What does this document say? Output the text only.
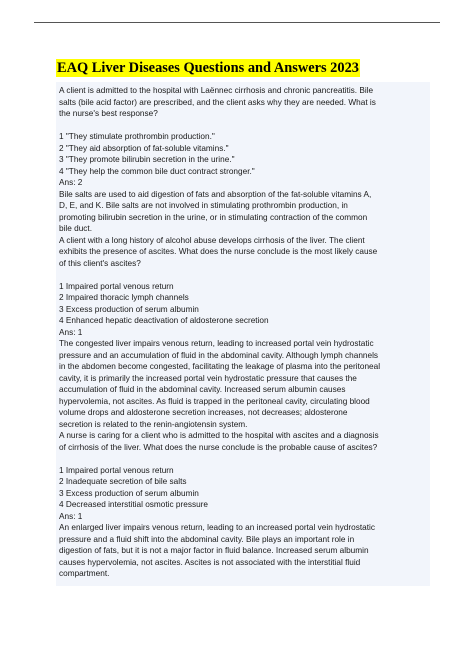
EAQ Liver Diseases Questions and Answers 2023
A client is admitted to the hospital with Laënnec cirrhosis and chronic pancreatitis. Bile
salts (bile acid factor) are prescribed, and the client asks why they are needed. What is
the nurse's best response?
1 "They stimulate prothrombin production."
2 "They aid absorption of fat-soluble vitamins."
3 "They promote bilirubin secretion in the urine."
4 "They help the common bile duct contract stronger."
Ans: 2
Bile salts are used to aid digestion of fats and absorption of the fat-soluble vitamins A,
D, E, and K. Bile salts are not involved in stimulating prothrombin production, in
promoting bilirubin secretion in the urine, or in stimulating contraction of the common
bile duct.
A client with a long history of alcohol abuse develops cirrhosis of the liver. The client
exhibits the presence of ascites. What does the nurse conclude is the most likely cause
of this client's ascites?
1 Impaired portal venous return
2 Impaired thoracic lymph channels
3 Excess production of serum albumin
4 Enhanced hepatic deactivation of aldosterone secretion
Ans: 1
The congested liver impairs venous return, leading to increased portal vein hydrostatic
pressure and an accumulation of fluid in the abdominal cavity. Although lymph channels
in the abdomen become congested, facilitating the leakage of plasma into the peritoneal
cavity, it is primarily the increased portal vein hydrostatic pressure that causes the
accumulation of fluid in the abdominal cavity. Increased serum albumin causes
hypervolemia, not ascites. As fluid is trapped in the peritoneal cavity, circulating blood
volume drops and aldosterone secretion increases, not decreases; aldosterone
secretion is related to the renin-angiotensin system.
A nurse is caring for a client who is admitted to the hospital with ascites and a diagnosis
of cirrhosis of the liver. What does the nurse conclude is the probable cause of ascites?
1 Impaired portal venous return
2 Inadequate secretion of bile salts
3 Excess production of serum albumin
4 Decreased interstitial osmotic pressure
Ans: 1
An enlarged liver impairs venous return, leading to an increased portal vein hydrostatic
pressure and a fluid shift into the abdominal cavity. Bile plays an important role in
digestion of fats, but it is not a major factor in fluid balance. Increased serum albumin
causes hypervolemia, not ascites. Ascites is not associated with the interstitial fluid
compartment.
